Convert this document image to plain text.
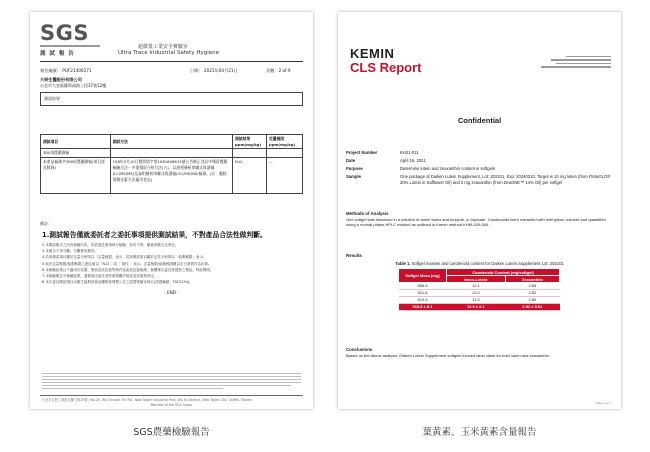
SGS
測 試 報 告
超微量工業安全實驗室
Ultra Trace Industrial Safety Hygiene
報告編號： PUF21400271	日期： 2021年04月21日	頁數：2 of 9
大研生醫股份有限公司
台北市大安區羅斯福路三段37號12樓
測試結果：
測試項目	測試方法	測試結果 ppm(mg/kg)	定量極限 ppm(mg/kg)
380項農藥篩檢			
本產品檢測共380項農藥篩檢(項目詳見附錄)	108年5月10日農授防字第1081606612號公告修正食品中殘留農藥檢驗方法－多重殘留分析方法(五)，以液相層析串聯式質譜儀(LC/MS/MS)及氣相層析串聯式質譜儀(GC/MS/MS)檢測。(註：擬除菊類光素方法適用食品)	N.D.	—
備註：
1.測試報告僅就委託者之委託事項提供測試結果，不對產品合法性做判斷。
2.本測試報告之所有檢驗內容，均依委託事項執行檢驗，如有不實，願意承擔完全責任。
3.本報告不得分離，分離使用無效。
4.若該測試項目屬於定量分析則以「定量極限」表示；若該測試項目屬於定性分析則以「偵測極限」表示。
5.低於定量極限/偵測極限之測定值以「N.D.」或「 陰性 」表示。定量極限/偵測極限應以空白基質作為計算。
6.本檢驗結果且不適用於容器、瓶装食品包裝等物件及產品包裝檢測，檢體係以委託者提供之樣品，特此聲明。
7.本檢驗報告中檢驗結果，謹慎須由委託者依照相關法規及食品規格判定。
8.本次委託測試項目由衛生福利部食品藥物管理署公告之認證實驗室執行(認證編號：TAF2234)。
- END -
台北市五股工業區五權七路25號 / No.25, Wu Chyuan 7th Rd., New Taipei Industrial Park, Wu Ku District, New Taipei City, 24890, Taiwan
Member of the SGS Group
SGS農藥檢驗報告
KEMIN
CLS Report
Confidential
Project Number	KH21-011
Date	April 16, 2021
Purpose	Determine lutein and zeaxanthin content in softgels
Sample	One package of Daiken Lutein Supplement, Lot: 202101, Exp: 20240310, Target is 10 mg lutein (from FloraGLO® 20% Lutein in Safflower Oil) and 2 mg zeaxanthin (from ZeaONE™ 14% Oil) per softgel
Methods of Analysis
One softgel was dissolved in a solution of warm water and enzyme, in triplicate. Carotenoids were extracted with methylene chloride and quantified using a normal phase HPLC method as outlined in Kemin method KHM-005-065.
Results
Table 1. Softgel masses and carotenoid content for Daiken Lutein Supplement Lot: 202101
Softgel Mass (mg)	Carotenoid Content (mg/softgel)	
	trans-Lutein	Zeaxanthin
506.5	12.1	2.83
521.6	12.0	2.82
519.3	11.9	2.80
515.8 ± 8.1	12.0 ± 0.1	2.82 ± 0.01
Conclusions
Based on the above analysis, Daiken Lutein Supplement softgels exceed label claim for both lutein and zeaxanthin.
Page 1 of 1
葉黃素、玉米黃素含量報告
